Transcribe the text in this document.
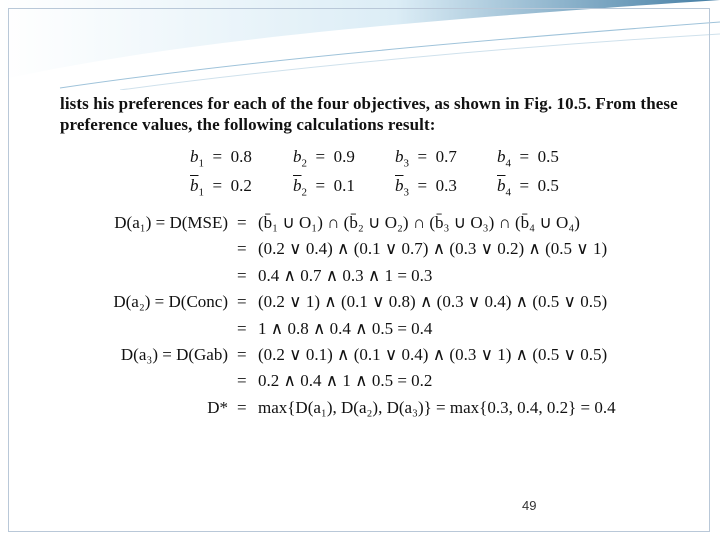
lists his preferences for each of the four objectives, as shown in Fig. 10.5. From these
preference values, the following calculations result:
$b_1 = 0.8$ $b_2 = 0.9$ $b_3 = 0.7$ $b_4 = 0.5$
$\overline{b}_1 = 0.2$ $\overline{b}_2 = 0.1$ $\overline{b}_3 = 0.3$ $\overline{b}_4 = 0.5$
D(a₁) = D(MSE) = (b̄₁ ∪ O₁) ∩ (b̄₂ ∪ O₂) ∩ (b̄₃ ∪ O₃) ∩ (b̄₄ ∪ O₄)
= (0.2 ∨ 0.4) ∧ (0.1 ∨ 0.7) ∧ (0.3 ∨ 0.2) ∧ (0.5 ∨ 1)
= 0.4 ∧ 0.7 ∧ 0.3 ∧ 1 = 0.3
D(a₂) = D(Conc) = (0.2 ∨ 1) ∧ (0.1 ∨ 0.8) ∧ (0.3 ∨ 0.4) ∧ (0.5 ∨ 0.5)
= 1 ∧ 0.8 ∧ 0.4 ∧ 0.5 = 0.4
D(a₃) = D(Gab) = (0.2 ∨ 0.1) ∧ (0.1 ∨ 0.4) ∧ (0.3 ∨ 1) ∧ (0.5 ∨ 0.5)
= 0.2 ∧ 0.4 ∧ 1 ∧ 0.5 = 0.2
D* = max{D(a₁), D(a₂), D(a₃)} = max{0.3, 0.4, 0.2} = 0.4
49
